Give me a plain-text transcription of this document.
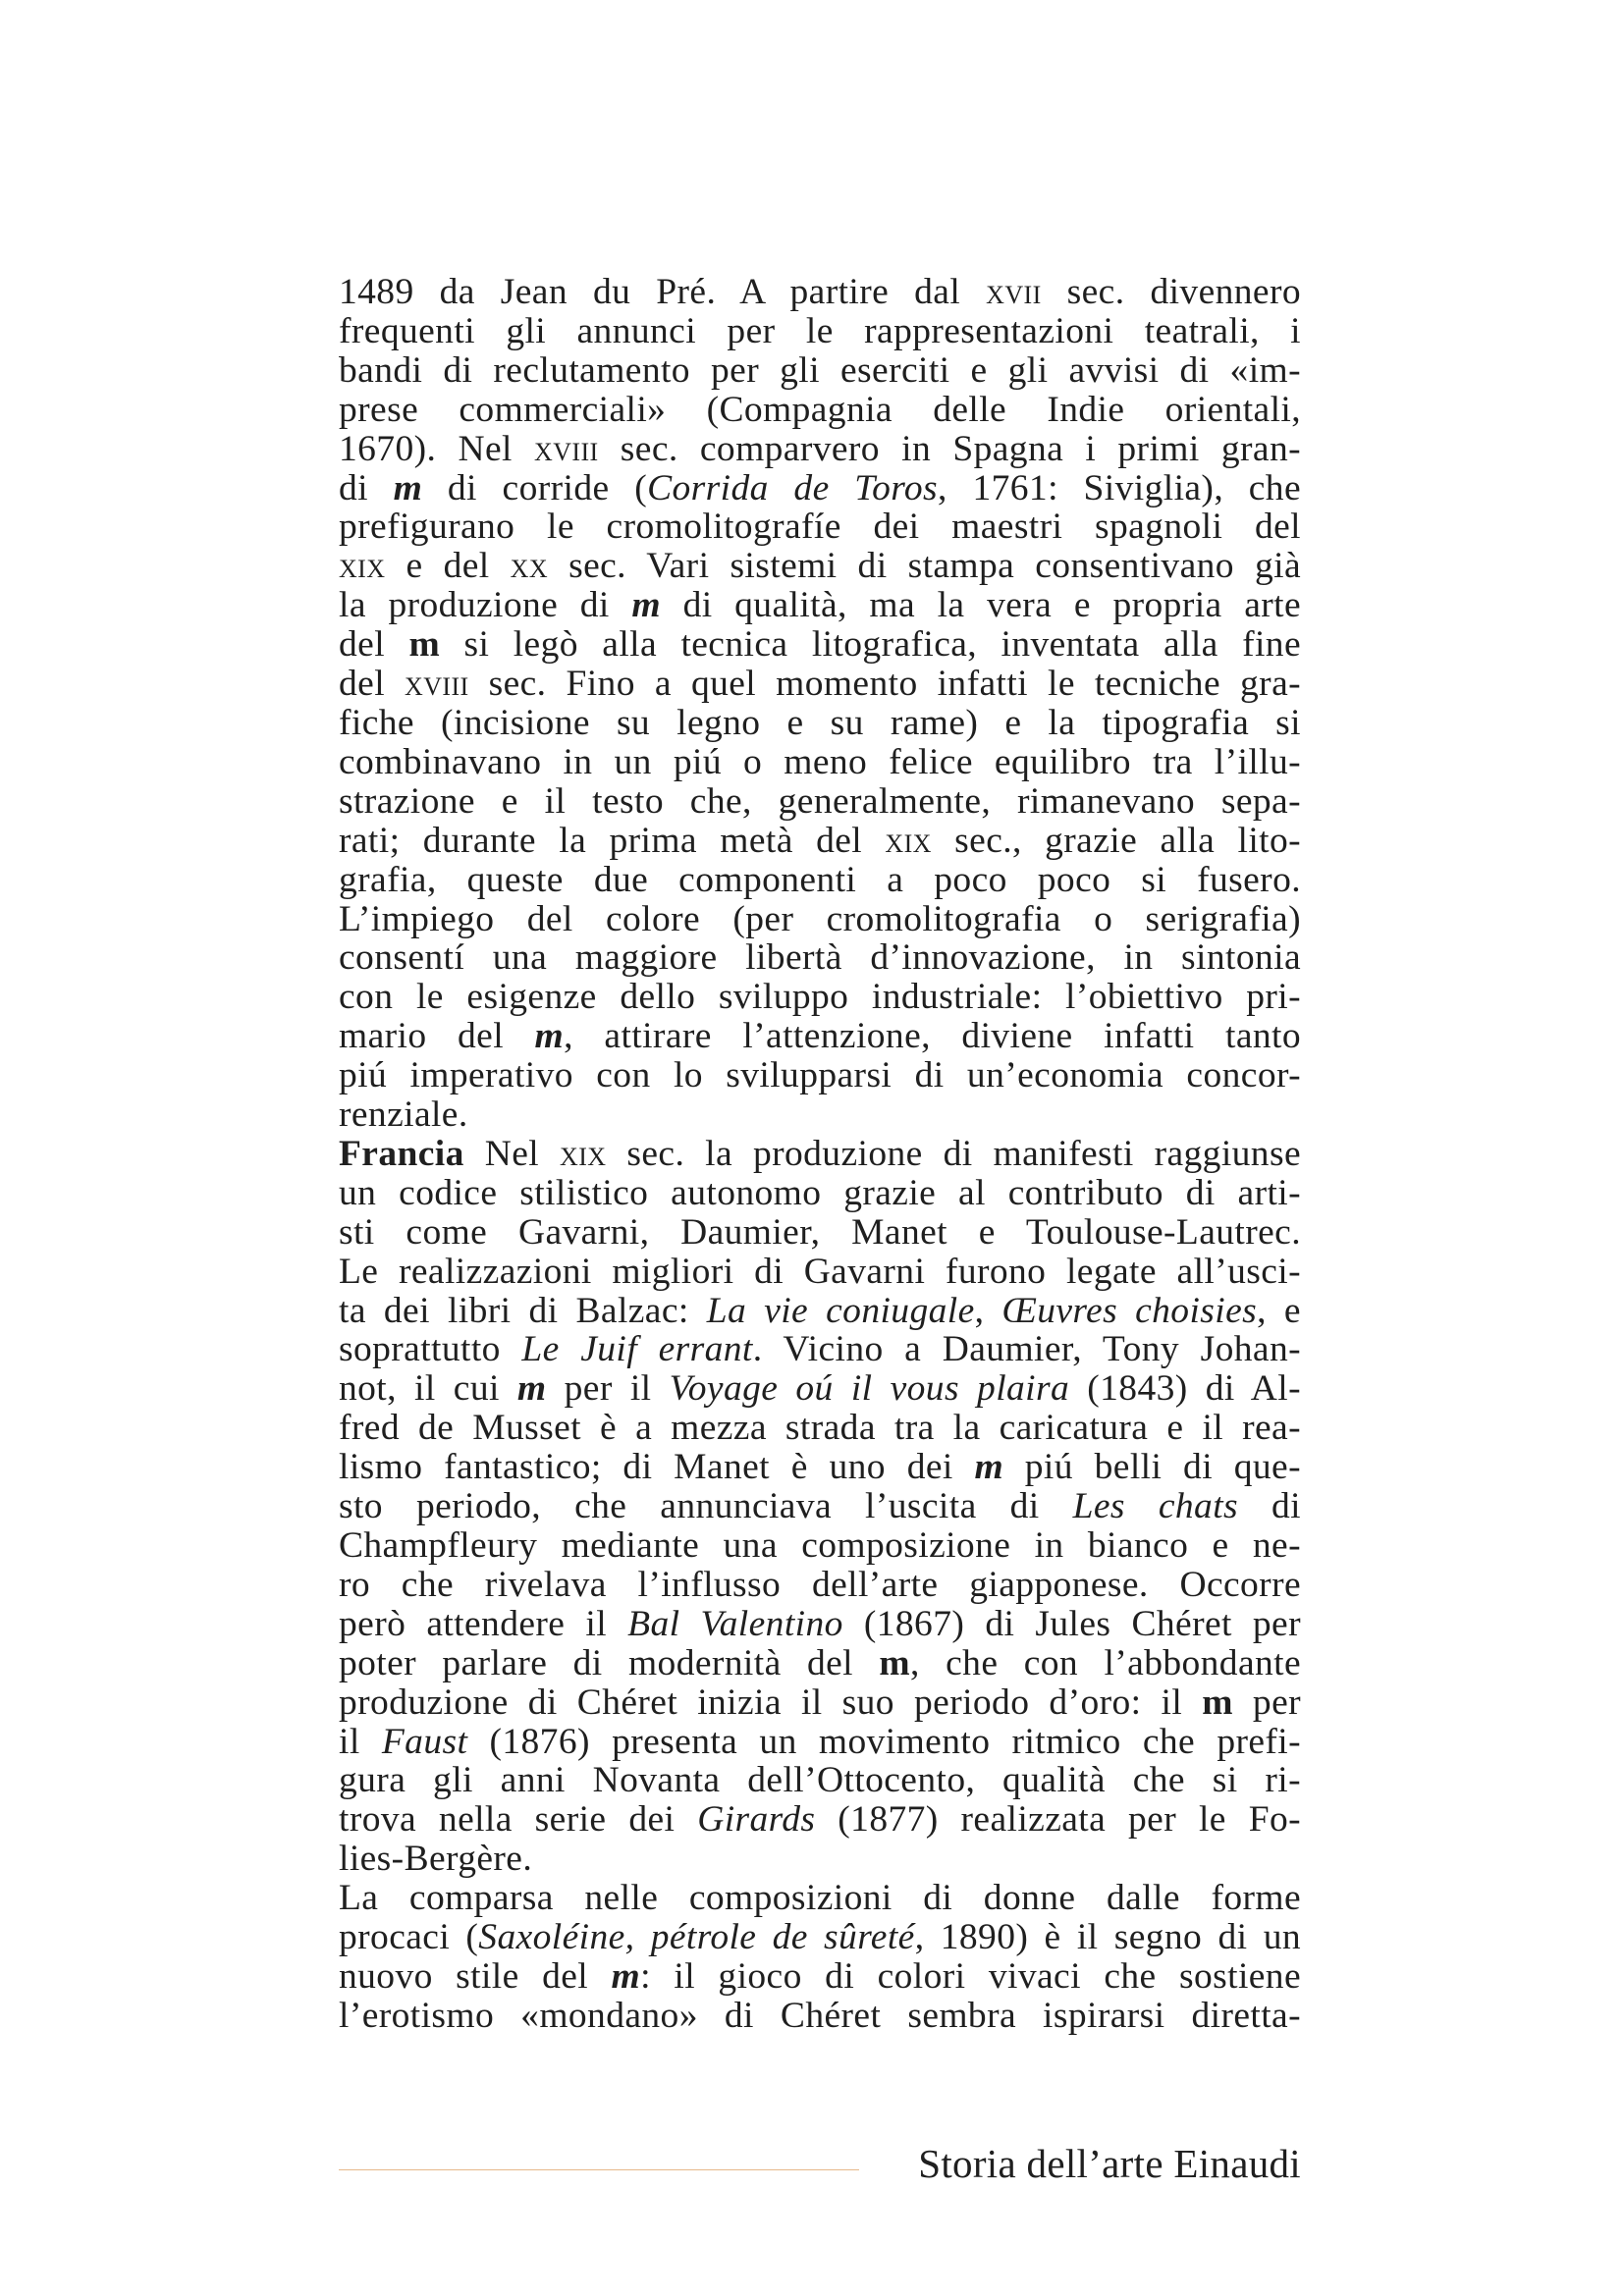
1489 da Jean du Pré. A partire dal xvii sec. divennero
frequenti gli annunci per le rappresentazioni teatrali, i
bandi di reclutamento per gli eserciti e gli avvisi di «im-
prese commerciali» (Compagnia delle Indie orientali,
1670). Nel xviii sec. comparvero in Spagna i primi gran-
di m di corride (Corrida de Toros, 1761: Siviglia), che
prefigurano le cromolitografíe dei maestri spagnoli del
xix e del xx sec. Vari sistemi di stampa consentivano già
la produzione di m di qualità, ma la vera e propria arte
del m si legò alla tecnica litografica, inventata alla fine
del xviii sec. Fino a quel momento infatti le tecniche gra-
fiche (incisione su legno e su rame) e la tipografia si
combinavano in un piú o meno felice equilibro tra l’illu-
strazione e il testo che, generalmente, rimanevano sepa-
rati; durante la prima metà del xix sec., grazie alla lito-
grafia, queste due componenti a poco poco si fusero.
L’impiego del colore (per cromolitografia o serigrafia)
consentí una maggiore libertà d’innovazione, in sintonia
con le esigenze dello sviluppo industriale: l’obiettivo pri-
mario del m, attirare l’attenzione, diviene infatti tanto
piú imperativo con lo svilupparsi di un’economia concor-
renziale.
Francia Nel xix sec. la produzione di manifesti raggiunse
un codice stilistico autonomo grazie al contributo di arti-
sti come Gavarni, Daumier, Manet e Toulouse-Lautrec.
Le realizzazioni migliori di Gavarni furono legate all’usci-
ta dei libri di Balzac: La vie coniugale, Œuvres choisies, e
soprattutto Le Juif errant. Vicino a Daumier, Tony Johan-
not, il cui m per il Voyage oú il vous plaira (1843) di Al-
fred de Musset è a mezza strada tra la caricatura e il rea-
lismo fantastico; di Manet è uno dei m piú belli di que-
sto periodo, che annunciava l’uscita di Les chats di
Champfleury mediante una composizione in bianco e ne-
ro che rivelava l’influsso dell’arte giapponese. Occorre
però attendere il Bal Valentino (1867) di Jules Chéret per
poter parlare di modernità del m, che con l’abbondante
produzione di Chéret inizia il suo periodo d’oro: il m per
il Faust (1876) presenta un movimento ritmico che prefi-
gura gli anni Novanta dell’Ottocento, qualità che si ri-
trova nella serie dei Girards (1877) realizzata per le Fo-
lies-Bergère.
La comparsa nelle composizioni di donne dalle forme
procaci (Saxoléine, pétrole de sûreté, 1890) è il segno di un
nuovo stile del m: il gioco di colori vivaci che sostiene
l’erotismo «mondano» di Chéret sembra ispirarsi diretta-
Storia dell’arte Einaudi
